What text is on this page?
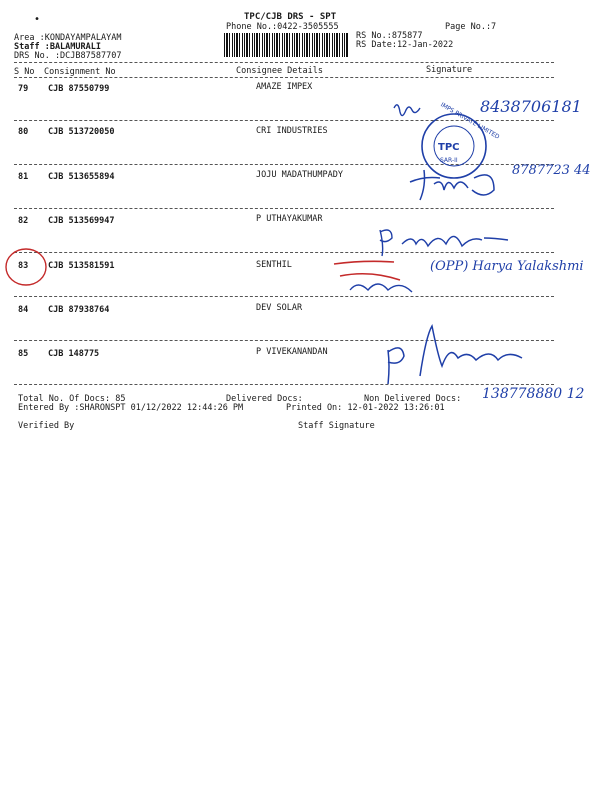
•	TPC/CJB DRS - SPT
Phone No.:0422-3505555
Area :KONDAYAMPALAYAM
Staff :BALAMURALI
DRS No. :DCJB87587707
RS No.:875877
RS Date:12-Jan-2022
Page No.:7
S No Consignment No	Consignee Details	Signature
79 CJB 87550799	AMAZE IMPEX
80 CJB 513720050	CRI INDUSTRIES
81 CJB 513655894	JOJU MADATHUMPADY
82 CJB 513569947	P UTHAYAKUMAR
83 CJB 513581591	SENTHIL
84 CJB 87938764	DEV SOLAR
85 CJB 148775	P VIVEKANANDAN
8438706181
TPC
IMPS PRIVATE LIMITED
SAR-II
8787723 44
(OPP) Harya Yalakshmi
138778880 12
Total No. Of Docs: 85	Delivered Docs:	Non Delivered Docs:
Entered By :SHARONSPT 01/12/2022 12:44:26 PM	Printed On: 12-01-2022 13:26:01
Verified By	Staff Signature
